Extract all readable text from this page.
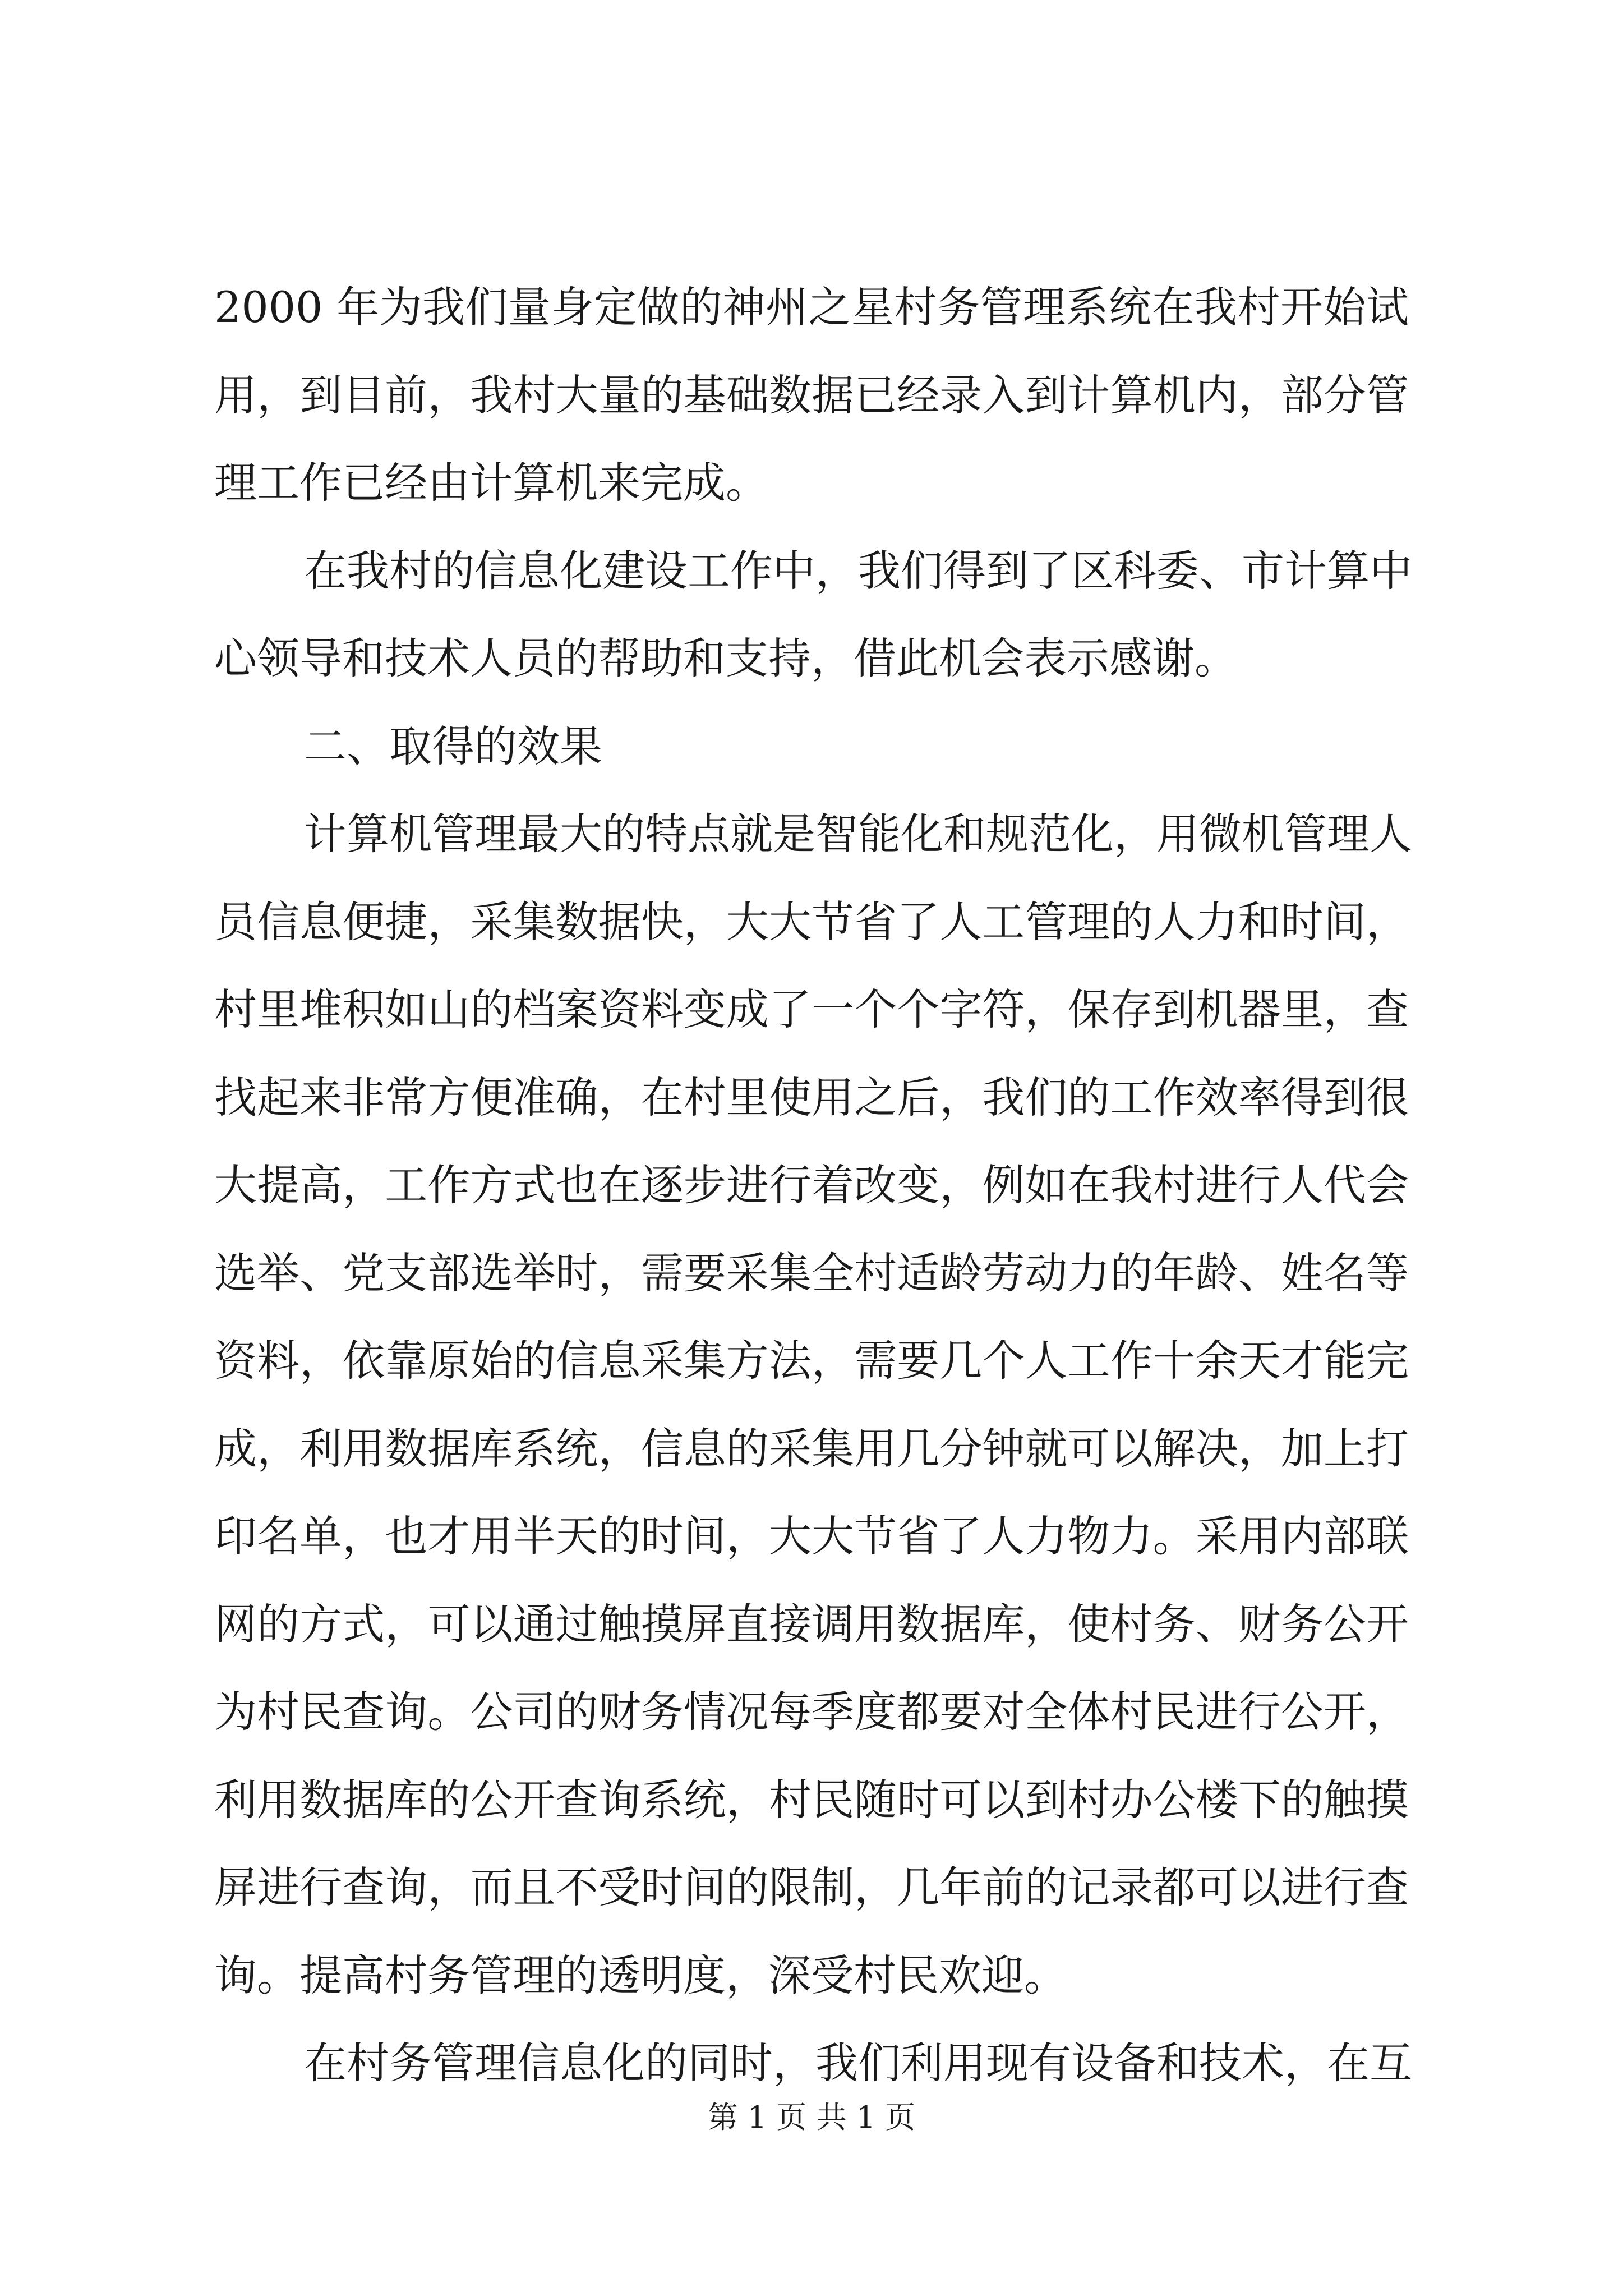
2000 年为我们量身定做的神州之星村务管理系统在我村开始试
用，到目前，我村大量的基础数据已经录入到计算机内，部分管
理工作已经由计算机来完成。
在我村的信息化建设工作中，我们得到了区科委、市计算中
心领导和技术人员的帮助和支持，借此机会表示感谢。
二、取得的效果
计算机管理最大的特点就是智能化和规范化，用微机管理人
员信息便捷，采集数据快，大大节省了人工管理的人力和时间，
村里堆积如山的档案资料变成了一个个字符，保存到机器里，查
找起来非常方便准确，在村里使用之后，我们的工作效率得到很
大提高，工作方式也在逐步进行着改变，例如在我村进行人代会
选举、党支部选举时，需要采集全村适龄劳动力的年龄、姓名等
资料，依靠原始的信息采集方法，需要几个人工作十余天才能完
成，利用数据库系统，信息的采集用几分钟就可以解决，加上打
印名单，也才用半天的时间，大大节省了人力物力。采用内部联
网的方式，可以通过触摸屏直接调用数据库，使村务、财务公开
为村民查询。公司的财务情况每季度都要对全体村民进行公开，
利用数据库的公开查询系统，村民随时可以到村办公楼下的触摸
屏进行查询，而且不受时间的限制，几年前的记录都可以进行查
询。提高村务管理的透明度，深受村民欢迎。
在村务管理信息化的同时，我们利用现有设备和技术，在互
第 1 页 共 1 页
